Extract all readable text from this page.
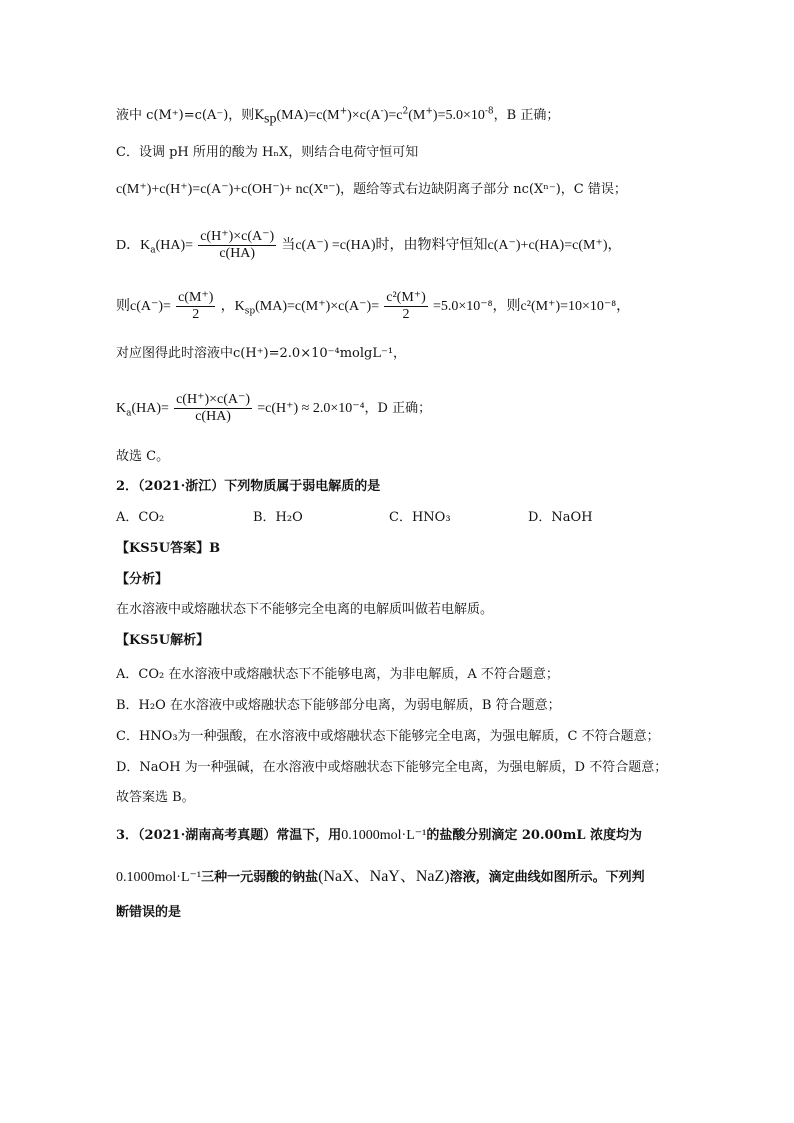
液中 c(M⁺)=c(A⁻)，则$K_{sp}(MA)=c(M^+)\times c(A^-)=c^2(M^+)=5.0\times 10^{-8}$，B 正确；
C．设调 pH 所用的酸为 HₙX，则结合电荷守恒可知
c(M⁺)+c(H⁺)=c(A⁻)+c(OH⁻)+ nc(Xⁿ⁻)，题给等式右边缺阴离子部分 nc(Xⁿ⁻)，C 错误；
D．$K_a(HA)= \frac{c(H^+)\times c(A^-)}{c(HA)}$ 当c(A⁻) =c(HA)时，由物料守恒知c(A⁻)+c(HA)=c(M⁺)，
则$c(A^-)= \frac{c(M^+)}{2}$ ，$K_{sp}(MA)=c(M^+)\times c(A^-)= \frac{\text{c²(M⁺)}}{2} =5.0\times 10^{-8}$，则c²(M⁺)=10×10⁻⁸，
对应图得此时溶液中c(H⁺)=2.0×10⁻⁴molgL⁻¹，
$K_a(HA)= \frac{c(H^+)\times c(A^-)}{c(HA)} =c(H^+) \approx 2.0\times 10^{-4}$，D 正确；
故选 C。
2．（2021·浙江）下列物质属于弱电解质的是
A．CO₂	B．H₂O	C．HNO₃	D．NaOH
【KS5U答案】B
【分析】
在水溶液中或熔融状态下不能够完全电离的电解质叫做若电解质。
【KS5U解析】
A．CO₂ 在水溶液中或熔融状态下不能够电离，为非电解质，A 不符合题意；
B．H₂O 在水溶液中或熔融状态下能够部分电离，为弱电解质，B 符合题意；
C．HNO₃为一种强酸，在水溶液中或熔融状态下能够完全电离，为强电解质，C 不符合题意；
D．NaOH 为一种强碱，在水溶液中或熔融状态下能够完全电离，为强电解质，D 不符合题意；
故答案选 B。
3．（2021·湖南高考真题）常温下，用0.1000mol·L⁻¹的盐酸分别滴定 20.00mL 浓度均为
0.1000mol·L⁻¹三种一元弱酸的钠盐(NaX、NaY、NaZ)溶液，滴定曲线如图所示。下列判
断错误的是
